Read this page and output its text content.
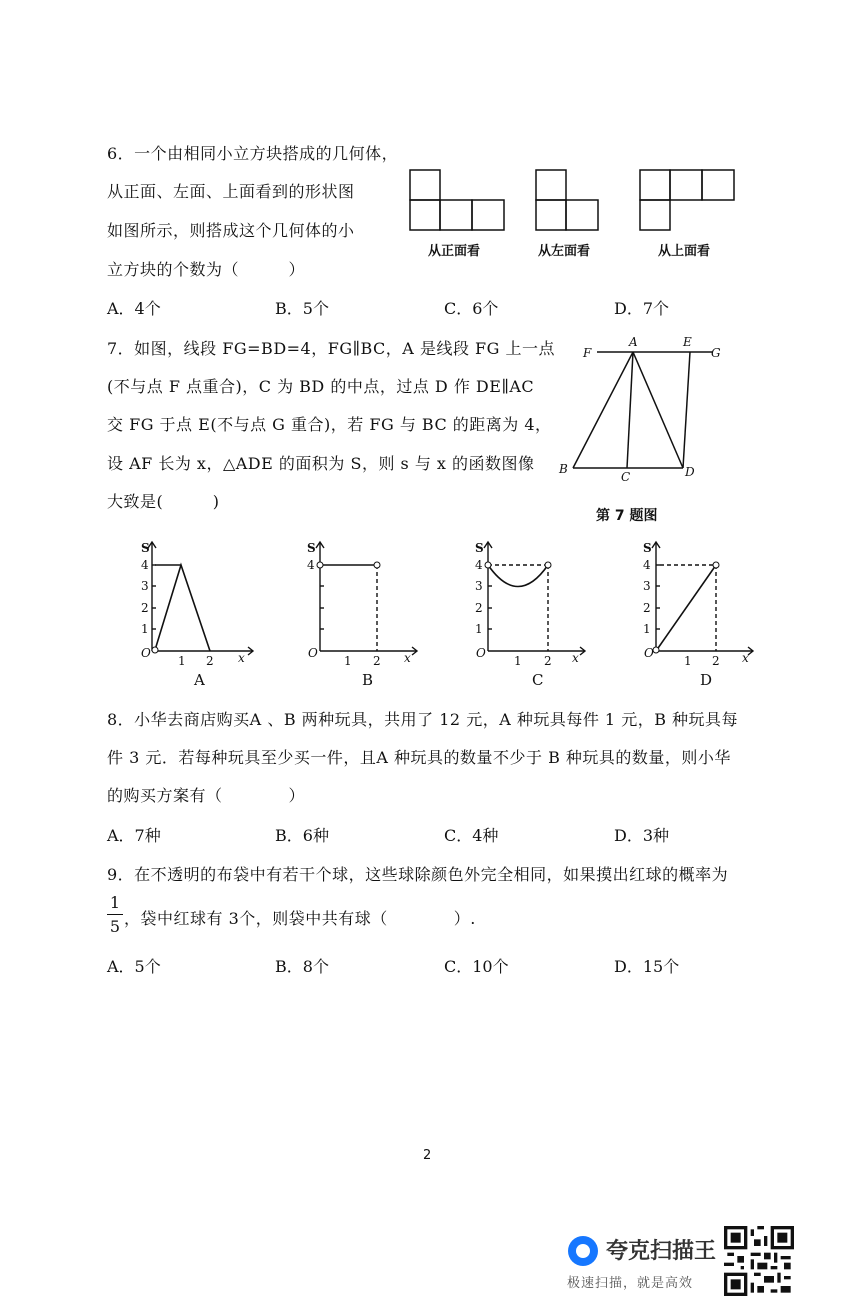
6．一个由相同小立方块搭成的几何体，
从正面、左面、上面看到的形状图
如图所示，则搭成这个几何体的小
立方块的个数为（　　　）
从正面看	从左面看	从上面看
A．4个	B．5个	C．6个	D．7个
7．如图，线段 FG=BD=4，FG∥BC，A 是线段 FG 上一点
(不与点 F 点重合)，C 为 BD 的中点，过点 D 作 DE∥AC
交 FG 于点 E(不与点 G 重合)，若 FG 与 BC 的距离为 4，
设 AF 长为 x，△ADE 的面积为 S，则 s 与 x 的函数图像
大致是(　　　)
F
A	E
G
B
C	D
第 7 题图
S
4
3
2
1
O
1 2 x
A
S
4
O
1 2 x
B
S
4
3
2
1
O
1 2 x
C
S
4
3
2
1
O
1 2 x
D
8．小华去商店购买A 、B 两种玩具，共用了 12 元，A 种玩具每件 1 元，B 种玩具每
件 3 元．若每种玩具至少买一件，且A 种玩具的数量不少于 B 种玩具的数量，则小华
的购买方案有（　　　　）
A．7种	B．6种	C．4种	D．3种
9．在不透明的布袋中有若干个球，这些球除颜色外完全相同，如果摸出红球的概率为
1
5 ，袋中红球有 3个，则袋中共有球（　　　　）.
A．5个	B．8个	C．10个	D．15个
2
夸克扫描王
极速扫描，就是高效
